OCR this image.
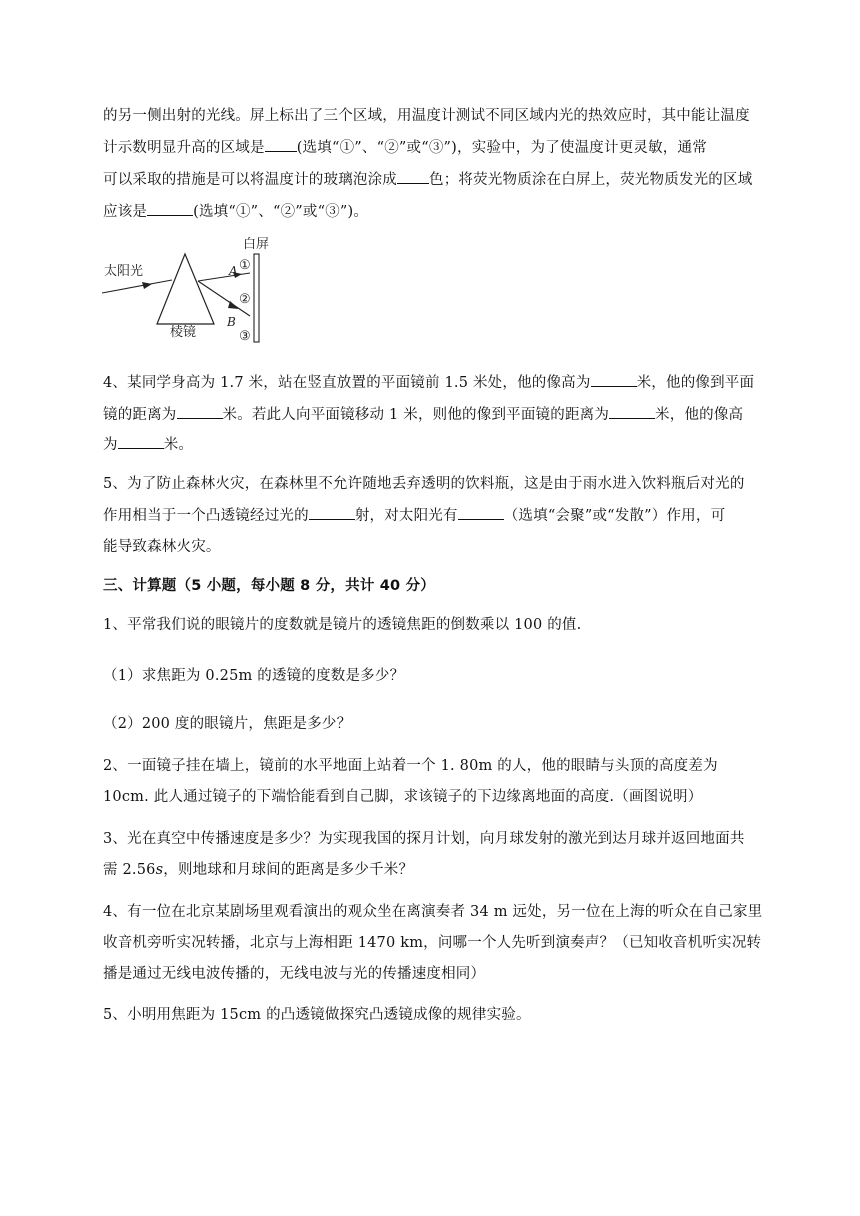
的另一侧出射的光线。屏上标出了三个区域，用温度计测试不同区域内光的热效应时，其中能让温度
计示数明显升高的区域是 (选填“①”、“②”或“③”)，实验中，为了使温度计更灵敏，通常
可以采取的措施是可以将温度计的玻璃泡涂成 色；将荧光物质涂在白屏上，荧光物质发光的区域
应该是	(选填“①”、“②”或“③”)。
白屏
太阳光
棱镜
A
B
①
②
③
4、某同学身高为 1.7 米，站在竖直放置的平面镜前 1.5 米处，他的像高为	米，他的像到平面
镜的距离为	米。若此人向平面镜移动 1 米，则他的像到平面镜的距离为	米，他的像高
为	米。
5、为了防止森林火灾，在森林里不允许随地丢弃透明的饮料瓶，这是由于雨水进入饮料瓶后对光的
作用相当于一个凸透镜经过光的	射，对太阳光有	（选填“会聚”或“发散”）作用，可
能导致森林火灾。
三、计算题（5 小题，每小题 8 分，共计 40 分）
1、平常我们说的眼镜片的度数就是镜片的透镜焦距的倒数乘以 100 的值.
（1）求焦距为 0.25m 的透镜的度数是多少？
（2）200 度的眼镜片，焦距是多少？
2、一面镜子挂在墙上，镜前的水平地面上站着一个 1. 80m 的人，他的眼睛与头顶的高度差为
10cm. 此人通过镜子的下端恰能看到自己脚，求该镜子的下边缘离地面的高度.（画图说明）
3、光在真空中传播速度是多少？为实现我国的探月计划，向月球发射的激光到达月球并返回地面共
需 2.56s，则地球和月球间的距离是多少千米？
4、有一位在北京某剧场里观看演出的观众坐在离演奏者 34 m 远处，另一位在上海的听众在自己家里
收音机旁听实况转播，北京与上海相距 1470 km，问哪一个人先听到演奏声？（已知收音机听实况转
播是通过无线电波传播的，无线电波与光的传播速度相同）
5、小明用焦距为 15cm 的凸透镜做探究凸透镜成像的规律实验。
